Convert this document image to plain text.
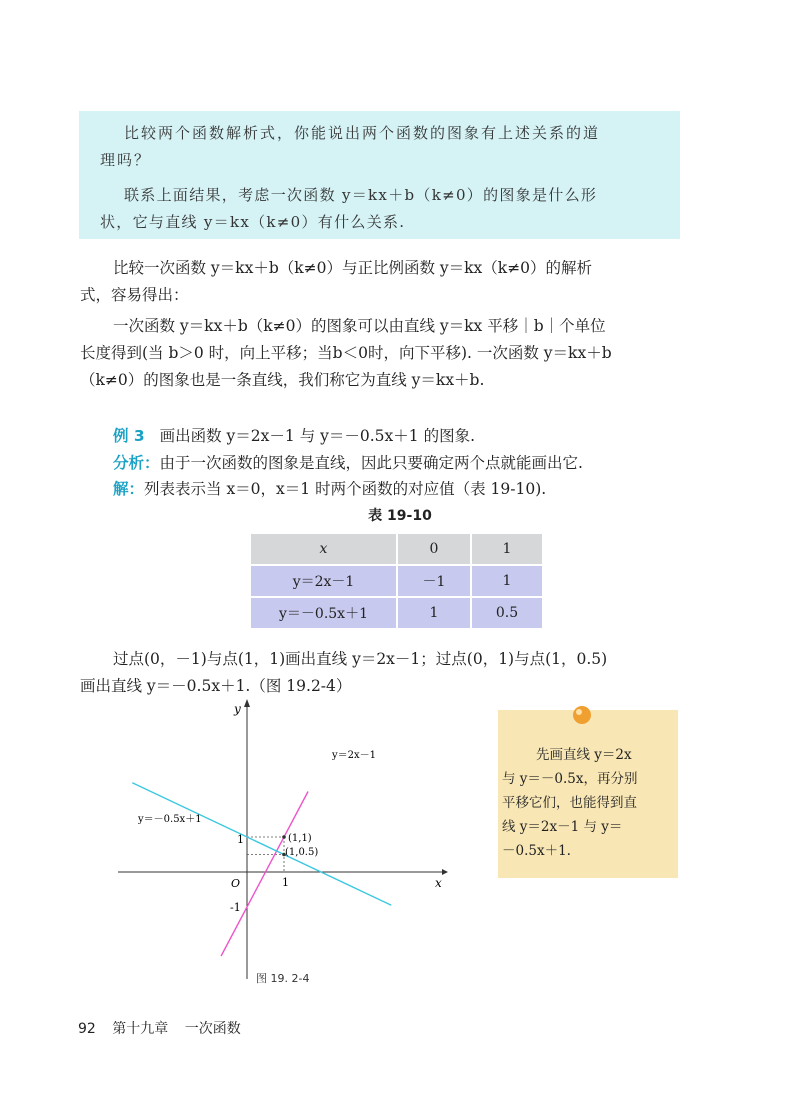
比较两个函数解析式，你能说出两个函数的图象有上述关系的道

理吗？

联系上面结果，考虑一次函数 y＝kx＋b（k≠0）的图象是什么形

状，它与直线 y＝kx（k≠0）有什么关系.

比较一次函数 y＝kx＋b（k≠0）与正比例函数 y＝kx（k≠0）的解析
式，容易得出：
一次函数 y＝kx＋b（k≠0）的图象可以由直线 y＝kx 平移｜b｜个单位
长度得到(当 b＞0 时，向上平移；当b＜0时，向下平移). 一次函数 y＝kx＋b
（k≠0）的图象也是一条直线，我们称它为直线 y＝kx＋b.
例 3 画出函数 y＝2x－1 与 y＝－0.5x＋1 的图象.
分析：由于一次函数的图象是直线，因此只要确定两个点就能画出它.
解：列表表示当 x＝0，x＝1 时两个函数的对应值（表 19-10).
表 19-10
x	0	1
y＝2x－1	－1	1
y＝－0.5x＋1	1	0.5
过点(0，－1)与点(1，1)画出直线 y＝2x－1；过点(0，1)与点(1，0.5)
画出直线 y＝－0.5x＋1.（图 19.2-4）
y
x
O
1
-1
1
y＝2x－1
y＝－0.5x＋1
(1,1)
(1,0.5)
图 19. 2-4

先画直线 y＝2x

与 y＝－0.5x，再分别

平移它们，也能得到直

线 y＝2x－1 与 y＝

－0.5x＋1.

92 第十九章 一次函数
